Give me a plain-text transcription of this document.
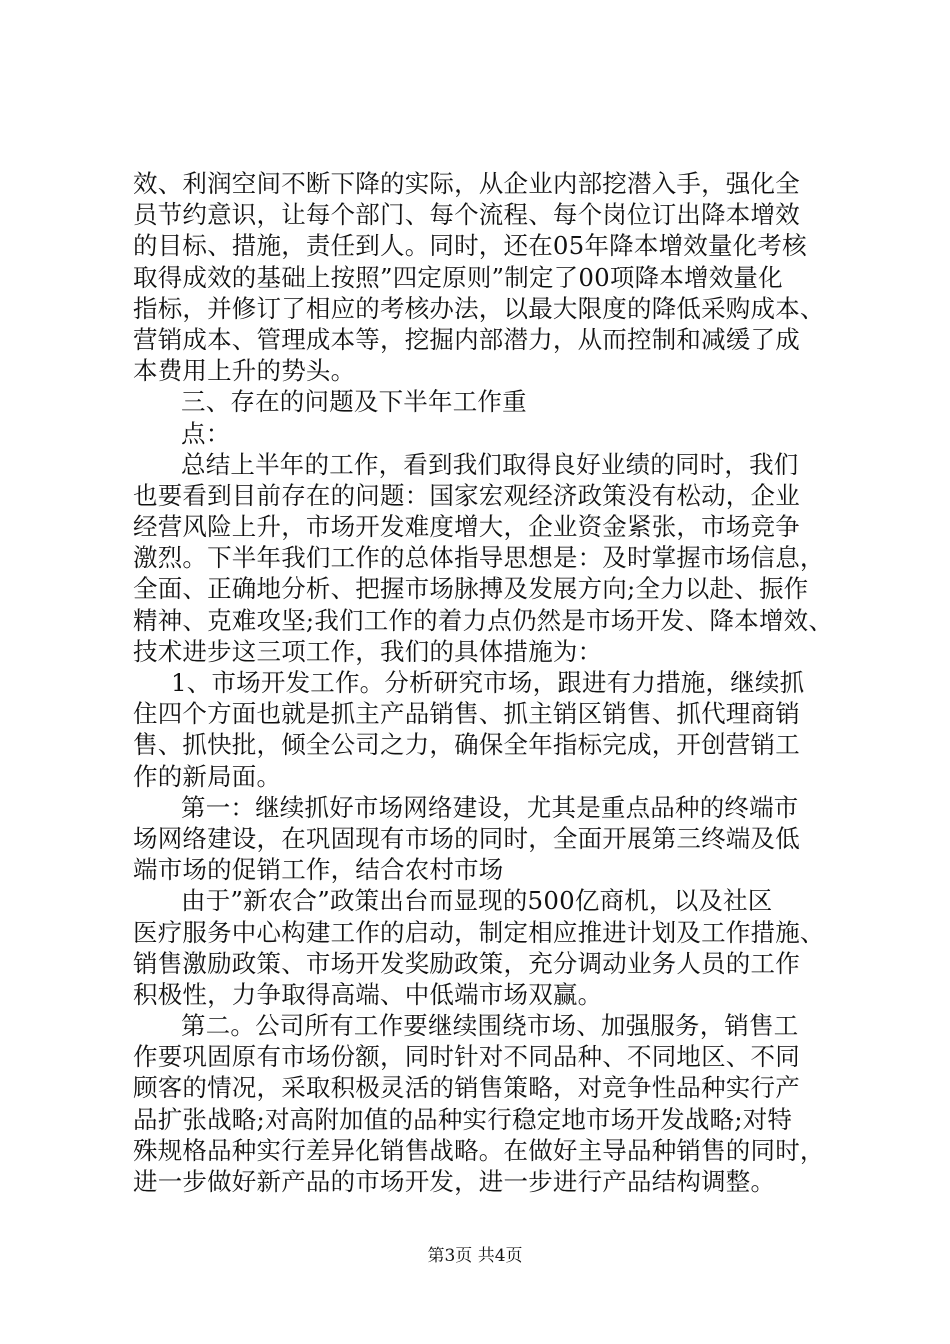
效、利润空间不断下降的实际，从企业内部挖潜入手，强化全
员节约意识，让每个部门、每个流程、每个岗位订出降本增效
的目标、措施，责任到人。同时，还在05年降本增效量化考核
取得成效的基础上按照”四定原则”制定了00项降本增效量化
指标，并修订了相应的考核办法，以最大限度的降低采购成本、
营销成本、管理成本等，挖掘内部潜力，从而控制和减缓了成
本费用上升的势头。
三、存在的问题及下半年工作重
点：
总结上半年的工作，看到我们取得良好业绩的同时，我们
也要看到目前存在的问题：国家宏观经济政策没有松动，企业
经营风险上升，市场开发难度增大，企业资金紧张，市场竞争
激烈。下半年我们工作的总体指导思想是：及时掌握市场信息，
全面、正确地分析、把握市场脉搏及发展方向;全力以赴、振作
精神、克难攻坚;我们工作的着力点仍然是市场开发、降本增效、
技术进步这三项工作，我们的具体措施为：
1、市场开发工作。分析研究市场，跟进有力措施，继续抓
住四个方面也就是抓主产品销售、抓主销区销售、抓代理商销
售、抓快批，倾全公司之力，确保全年指标完成，开创营销工
作的新局面。
第一：继续抓好市场网络建设，尤其是重点品种的终端市
场网络建设，在巩固现有市场的同时，全面开展第三终端及低
端市场的促销工作，结合农村市场
由于”新农合”政策出台而显现的500亿商机，以及社区
医疗服务中心构建工作的启动，制定相应推进计划及工作措施、
销售激励政策、市场开发奖励政策，充分调动业务人员的工作
积极性，力争取得高端、中低端市场双赢。
第二。公司所有工作要继续围绕市场、加强服务，销售工
作要巩固原有市场份额，同时针对不同品种、不同地区、不同
顾客的情况，采取积极灵活的销售策略，对竞争性品种实行产
品扩张战略;对高附加值的品种实行稳定地市场开发战略;对特
殊规格品种实行差异化销售战略。在做好主导品种销售的同时，
进一步做好新产品的市场开发，进一步进行产品结构调整。
第3页 共4页
